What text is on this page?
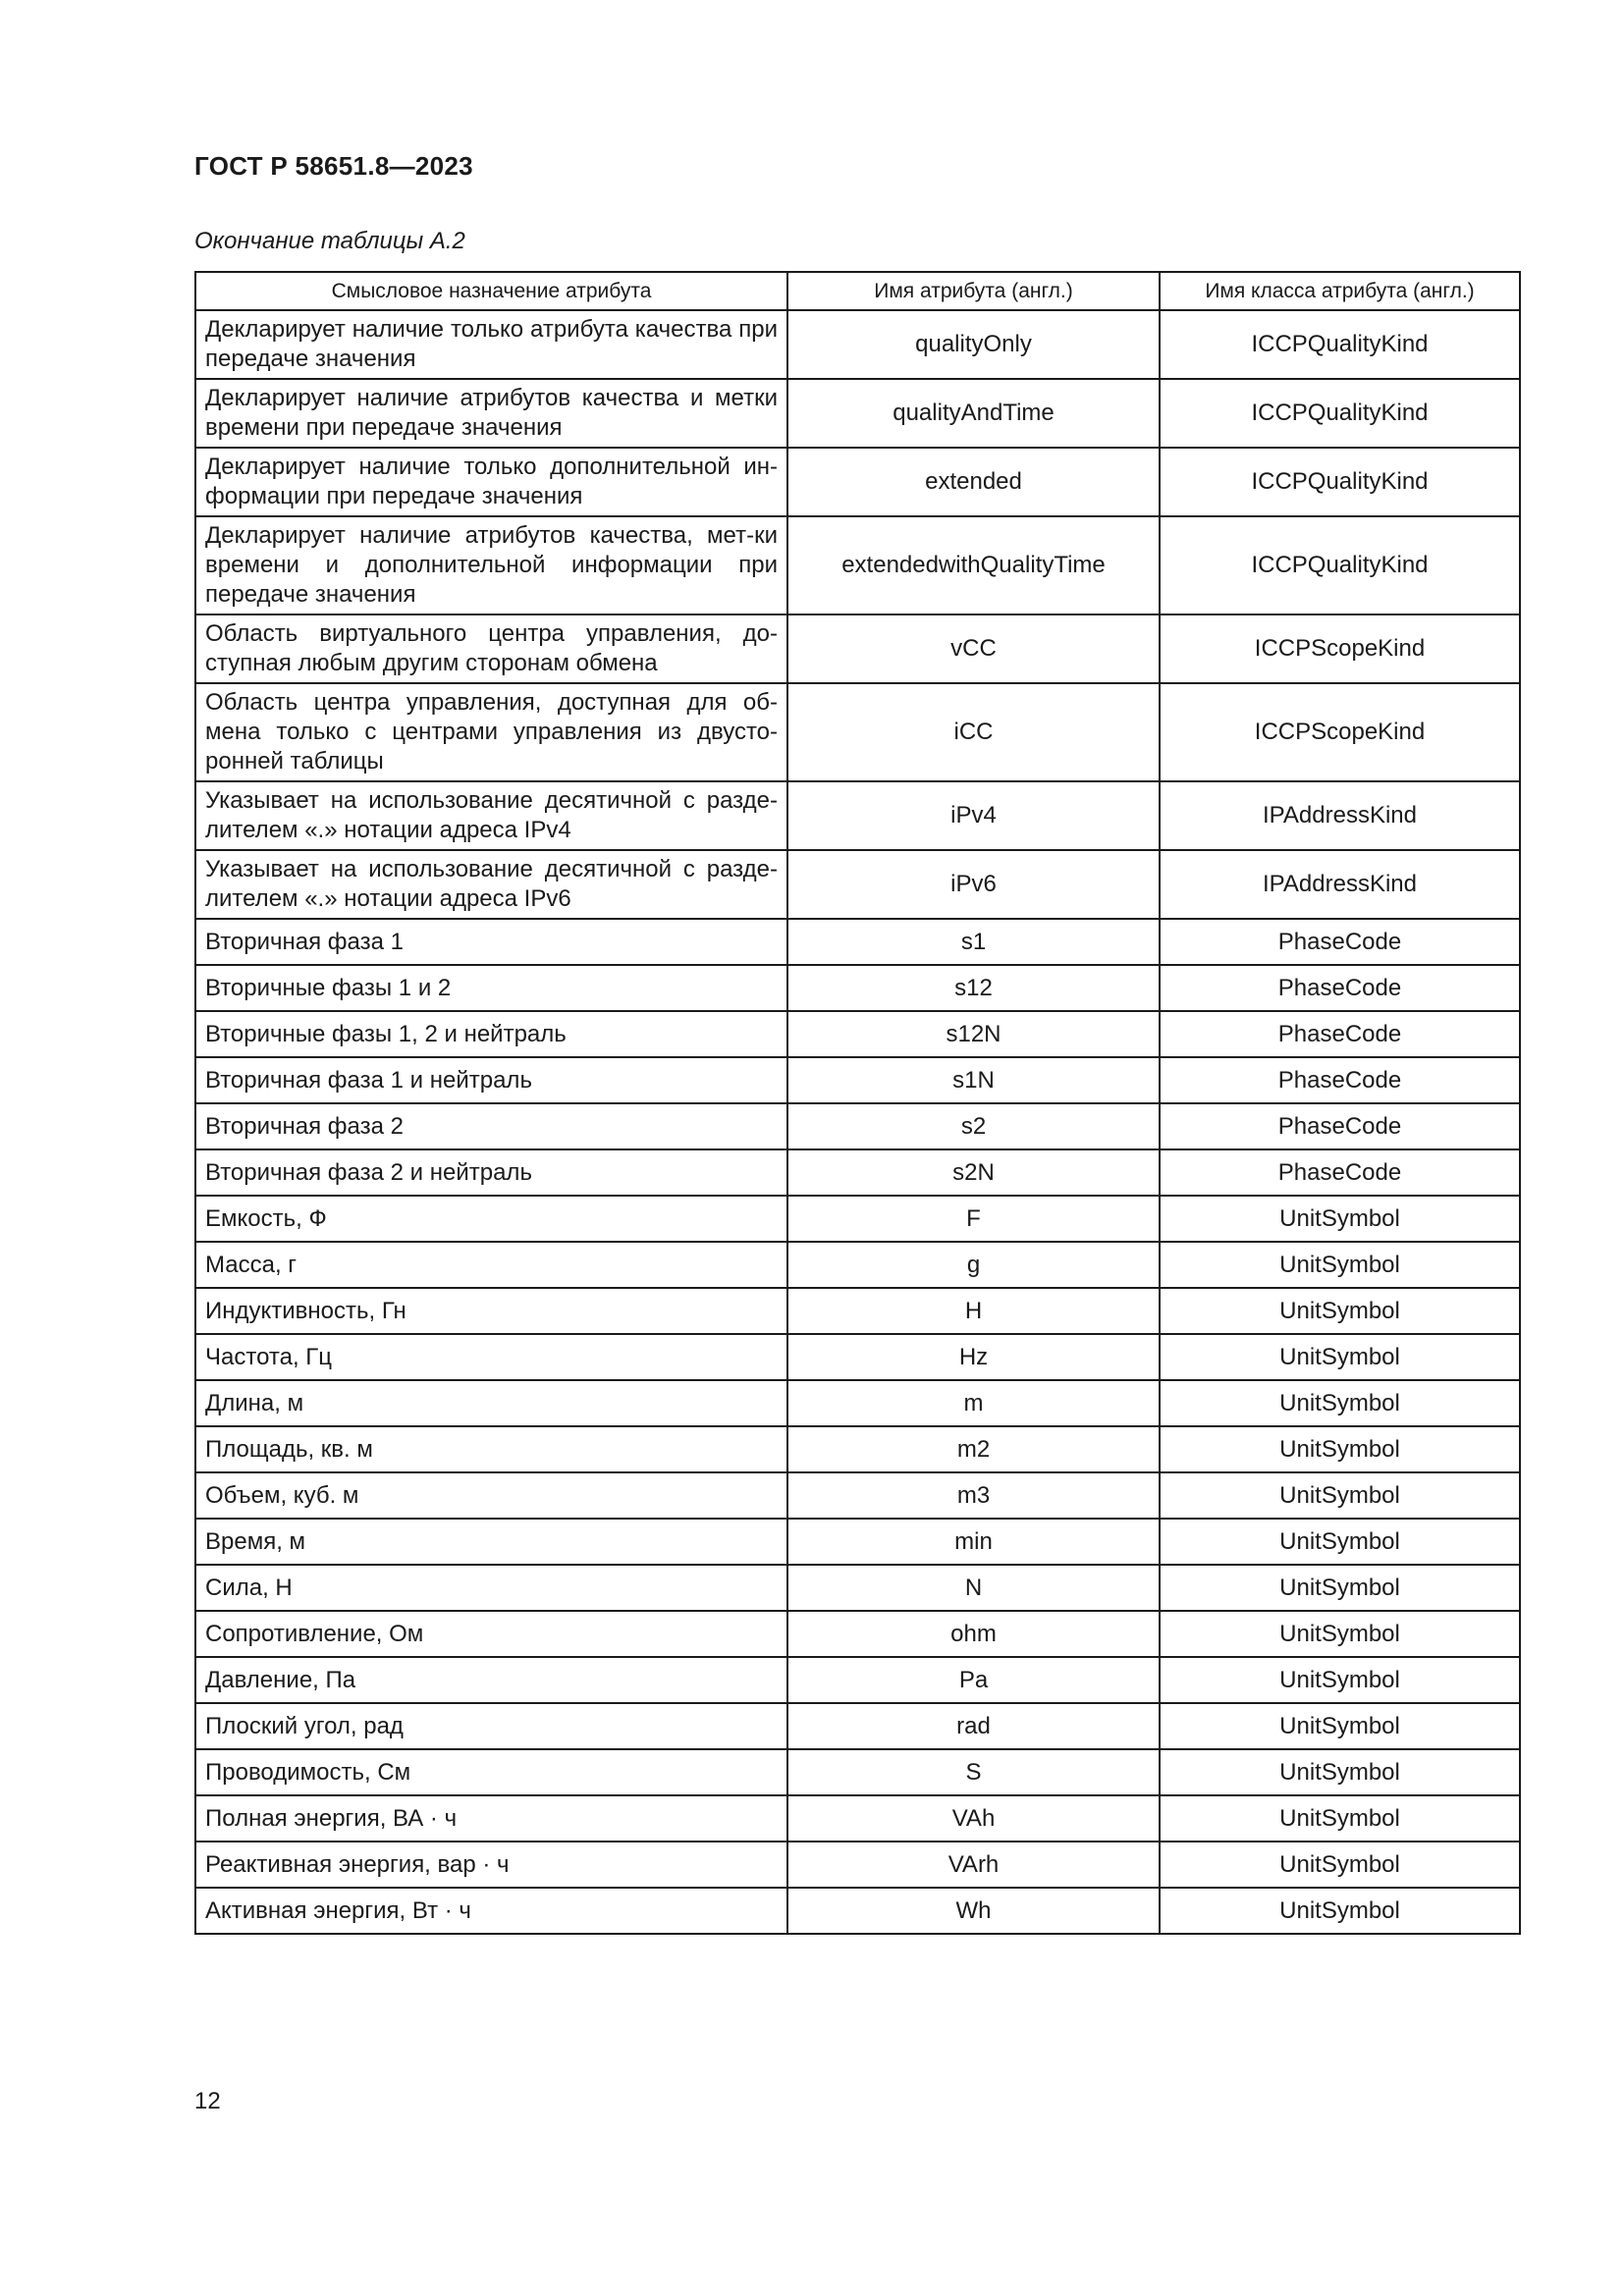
ГОСТ Р 58651.8—2023
Окончание таблицы А.2
Смысловое назначение атрибута	Имя атрибута (англ.)	Имя класса атрибута (англ.)
Декларирует наличие только атрибута качества при передаче значения	qualityOnly	ICCPQualityKind
Декларирует наличие атрибутов качества и метки времени при передаче значения	qualityAndTime	ICCPQualityKind
Декларирует наличие только дополнительной ин-формации при передаче значения	extended	ICCPQualityKind
Декларирует наличие атрибутов качества, мет-ки времени и дополнительной информации при передаче значения	extendedwithQualityTime	ICCPQualityKind
Область виртуального центра управления, до-ступная любым другим сторонам обмена	vCC	ICCPScopeKind
Область центра управления, доступная для об-мена только с центрами управления из двусто-ронней таблицы	iCC	ICCPScopeKind
Указывает на использование десятичной с разде-лителем «.» нотации адреса IPv4	iPv4	IPAddressKind
Указывает на использование десятичной с разде-лителем «.» нотации адреса IPv6	iPv6	IPAddressKind
Вторичная фаза 1	s1	PhaseCode
Вторичные фазы 1 и 2	s12	PhaseCode
Вторичные фазы 1, 2 и нейтраль	s12N	PhaseCode
Вторичная фаза 1 и нейтраль	s1N	PhaseCode
Вторичная фаза 2	s2	PhaseCode
Вторичная фаза 2 и нейтраль	s2N	PhaseCode
Емкость, Ф	F	UnitSymbol
Масса, г	g	UnitSymbol
Индуктивность, Гн	H	UnitSymbol
Частота, Гц	Hz	UnitSymbol
Длина, м	m	UnitSymbol
Площадь, кв. м	m2	UnitSymbol
Объем, куб. м	m3	UnitSymbol
Время, м	min	UnitSymbol
Сила, Н	N	UnitSymbol
Сопротивление, Ом	ohm	UnitSymbol
Давление, Па	Pa	UnitSymbol
Плоский угол, рад	rad	UnitSymbol
Проводимость, См	S	UnitSymbol
Полная энергия, ВА · ч	VAh	UnitSymbol
Реактивная энергия, вар · ч	VArh	UnitSymbol
Активная энергия, Вт · ч	Wh	UnitSymbol
12
